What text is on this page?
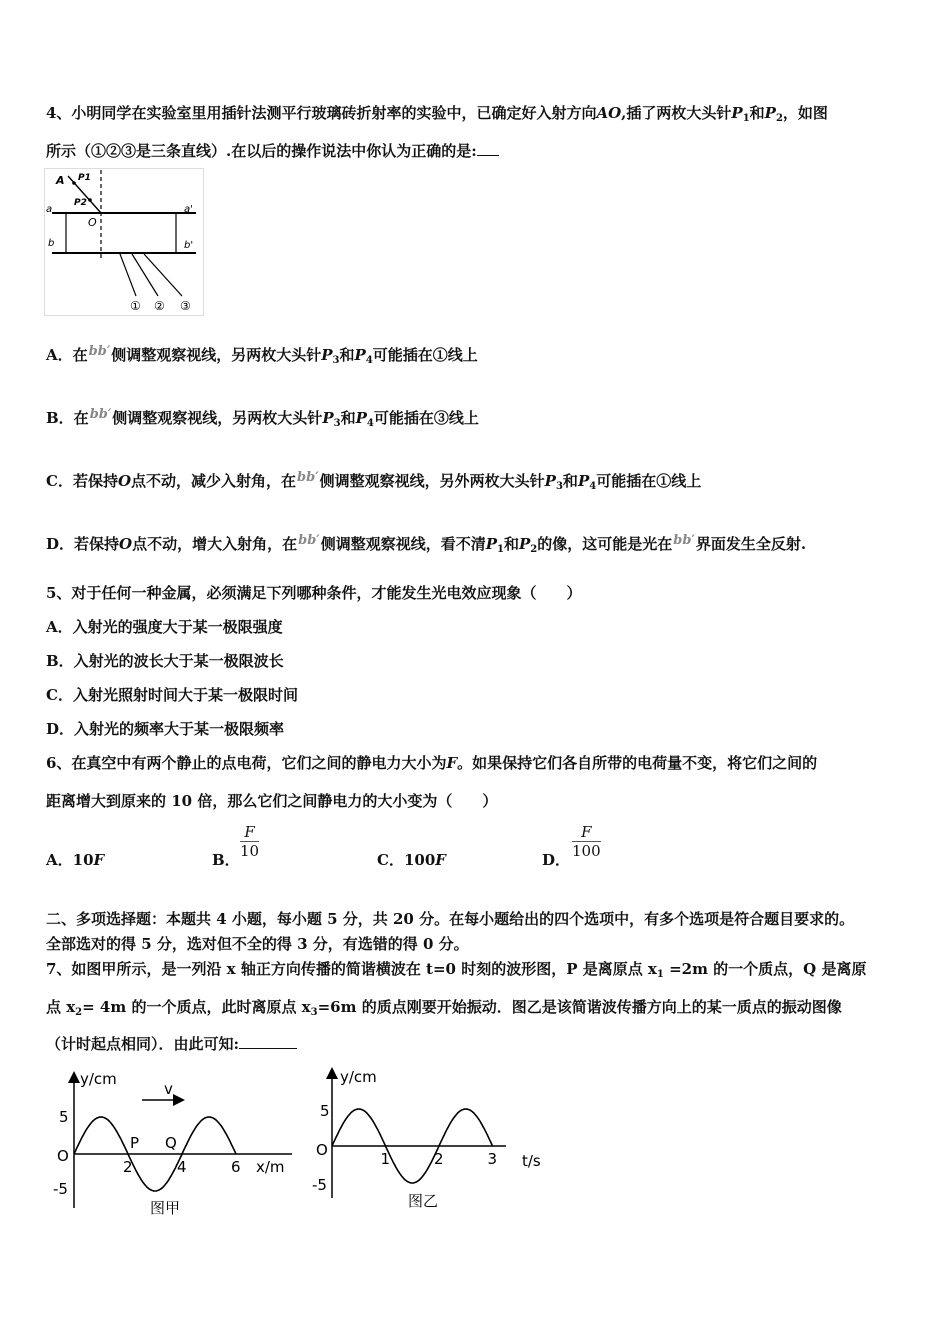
4、小明同学在实验室里用插针法测平行玻璃砖折射率的实验中，已确定好入射方向AO,插了两枚大头针$P_1$和$P_2$，如图
所示（①②③是三条直线）.在以后的操作说法中你认为正确的是:
A P1
P2
O
a	a'
b	b'
① ② ③
A．在bb′侧调整观察视线，另两枚大头针$P_3$和$P_4$可能插在①线上
B．在bb′侧调整观察视线，另两枚大头针$P_3$和$P_4$可能插在③线上
C．若保持O点不动，减少入射角，在bb′侧调整观察视线，另外两枚大头针$P_3$和$P_4$可能插在①线上
D．若保持O点不动，增大入射角，在bb′侧调整观察视线，看不清$P_1$和$P_2$的像，这可能是光在bb′界面发生全反射.
5、对于任何一种金属，必须满足下列哪种条件，才能发生光电效应现象（　　）
A．入射光的强度大于某一极限强度
B．入射光的波长大于某一极限波长
C．入射光照射时间大于某一极限时间
D．入射光的频率大于某一极限频率
6、在真空中有两个静止的点电荷，它们之间的静电力大小为F。如果保持它们各自所带的电荷量不变，将它们之间的
距离增大到原来的 10 倍，那么它们之间静电力的大小变为（　　）
A．10F	B． $\frac{F}{10}$	C．100F	D． $\frac{F}{100}$
二、多项选择题：本题共 4 小题，每小题 5 分，共 20 分。在每小题给出的四个选项中，有多个选项是符合题目要求的。
全部选对的得 5 分，选对但不全的得 3 分，有选错的得 0 分。
7、如图甲所示，是一列沿 x 轴正方向传播的简谐横波在 t=0 时刻的波形图，P 是离原点 $x_1 =2m$ 的一个质点，Q 是离原
点 $x_2= 4m$ 的一个质点，此时离原点 $x_3=6m$ 的质点刚要开始振动．图乙是该简谐波传播方向上的某一质点的振动图像
（计时起点相同）．由此可知:
v
y/cm
x/m
O
5
-5
2	4	6
P Q
图甲
y/cm
t/s
O
5
-5
1	2	3
图乙
